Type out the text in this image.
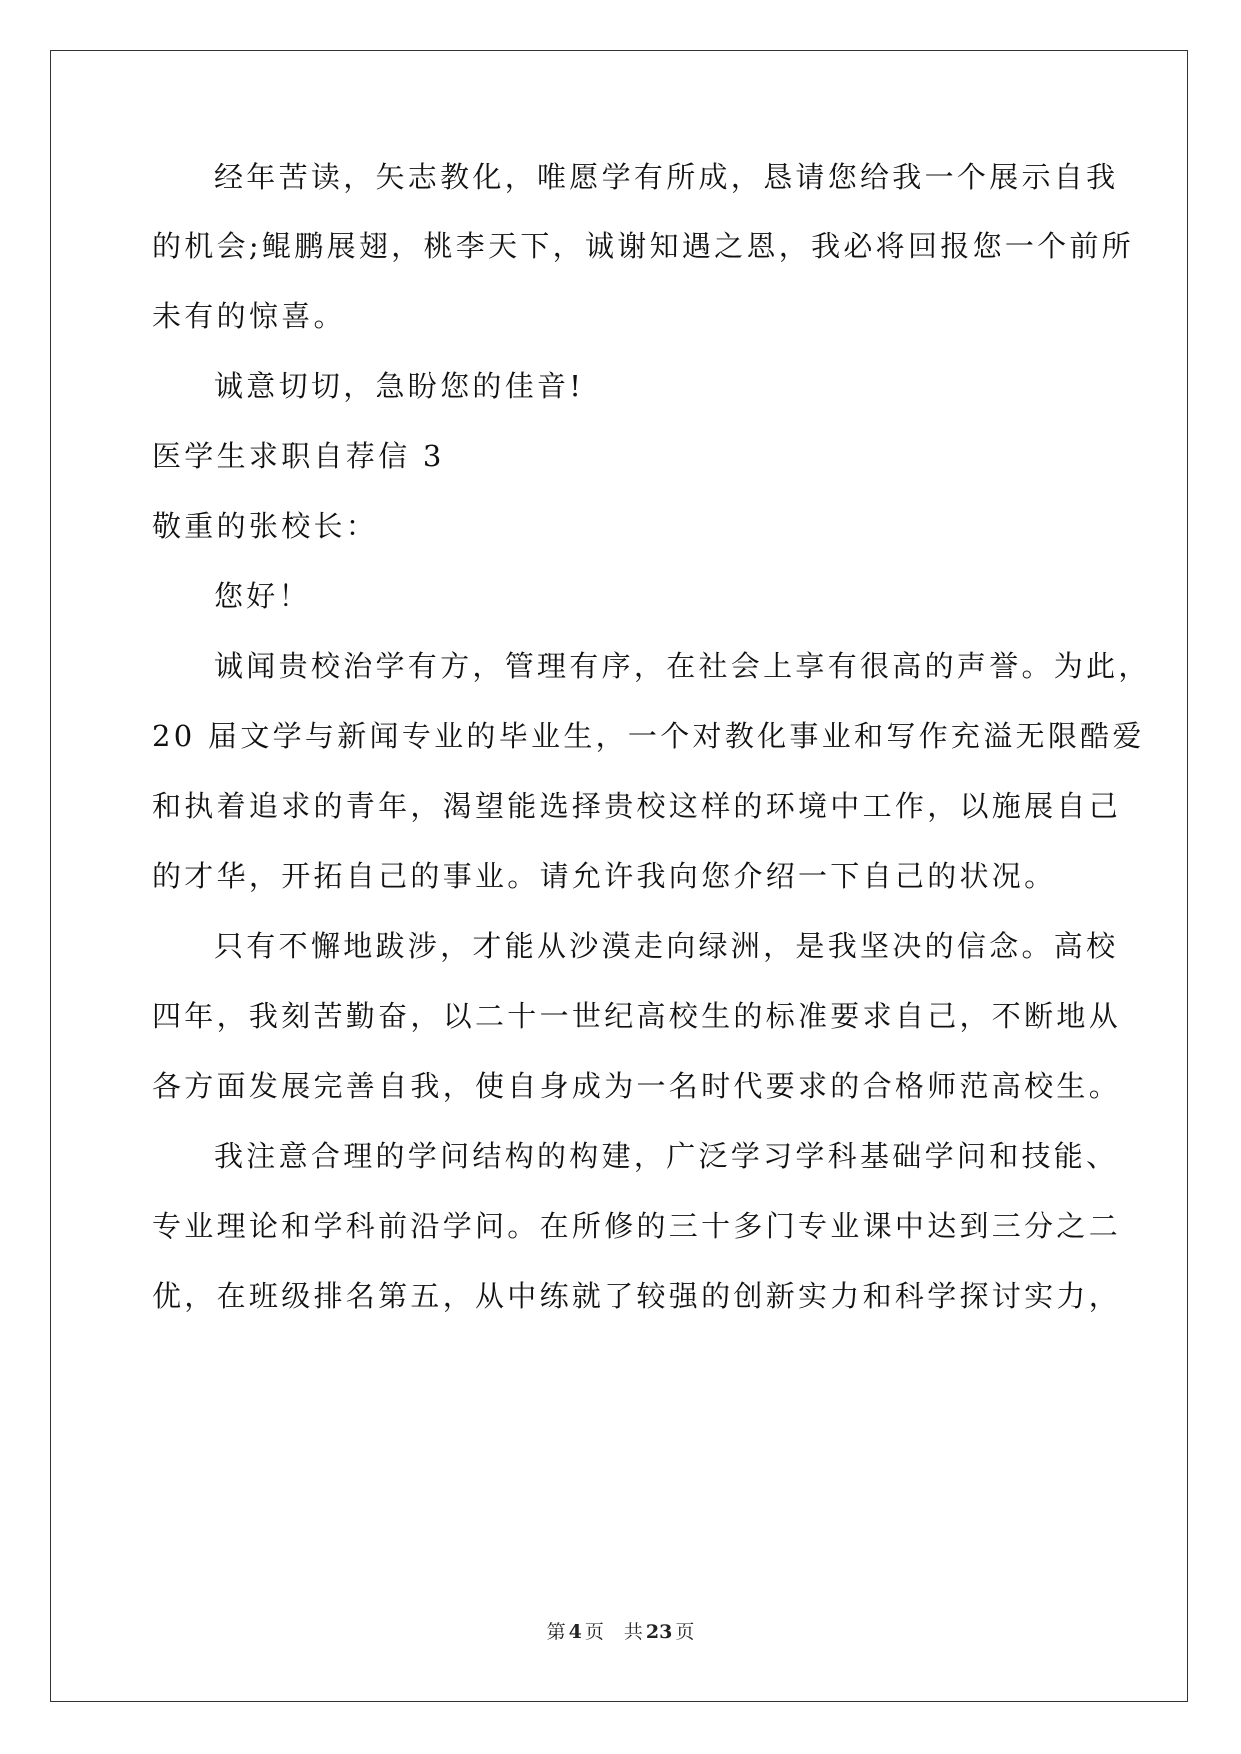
经年苦读，矢志教化，唯愿学有所成，恳请您给我一个展示自我
的机会;鲲鹏展翅，桃李天下，诚谢知遇之恩，我必将回报您一个前所
未有的惊喜。
诚意切切，急盼您的佳音!
医学生求职自荐信 3
敬重的张校长：
您好！
诚闻贵校治学有方，管理有序，在社会上享有很高的声誉。为此，
20 届文学与新闻专业的毕业生，一个对教化事业和写作充溢无限酷爱
和执着追求的青年，渴望能选择贵校这样的环境中工作，以施展自己
的才华，开拓自己的事业。请允许我向您介绍一下自己的状况。
只有不懈地跋涉，才能从沙漠走向绿洲，是我坚决的信念。高校
四年，我刻苦勤奋，以二十一世纪高校生的标准要求自己，不断地从
各方面发展完善自我，使自身成为一名时代要求的合格师范高校生。
我注意合理的学问结构的构建，广泛学习学科基础学问和技能、
专业理论和学科前沿学问。在所修的三十多门专业课中达到三分之二
优，在班级排名第五，从中练就了较强的创新实力和科学探讨实力，
第 4 页 共 23 页
